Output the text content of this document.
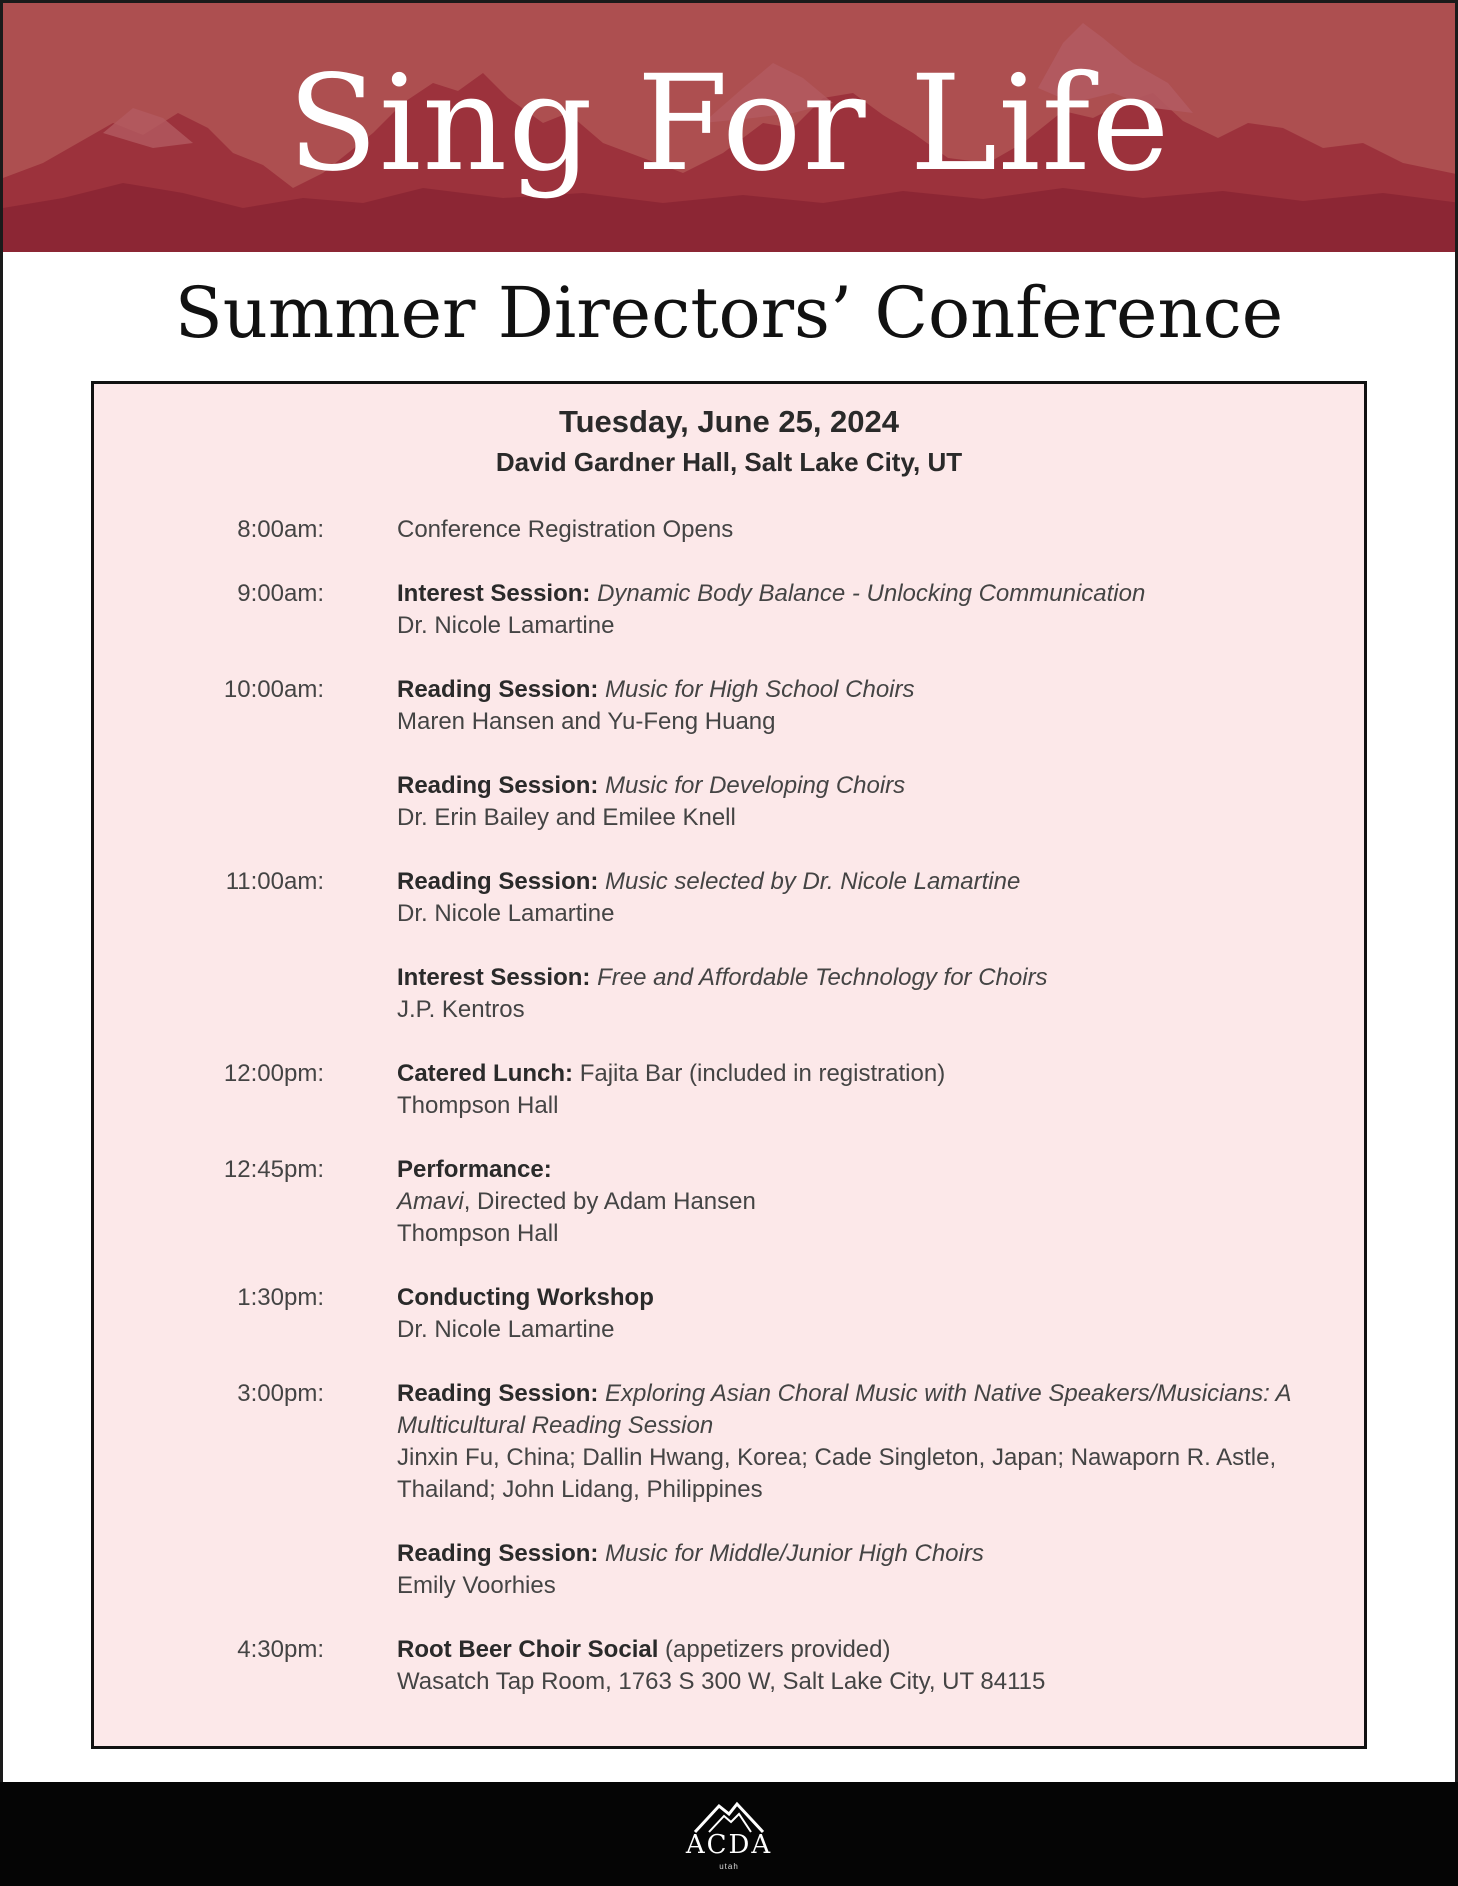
Sing For Life
Summer Directors’ Conference
Tuesday, June 25, 2024
David Gardner Hall, Salt Lake City, UT
8:00am:	Conference Registration Opens
9:00am:	Interest Session: Dynamic Body Balance - Unlocking Communication
Dr. Nicole Lamartine
10:00am:	Reading Session: Music for High School Choirs
Maren Hansen and Yu-Feng Huang
Reading Session: Music for Developing Choirs
Dr. Erin Bailey and Emilee Knell
11:00am:	Reading Session: Music selected by Dr. Nicole Lamartine
Dr. Nicole Lamartine
Interest Session: Free and Affordable Technology for Choirs
J.P. Kentros
12:00pm:	Catered Lunch: Fajita Bar (included in registration)
Thompson Hall
12:45pm:	Performance:
Amavi, Directed by Adam Hansen
Thompson Hall
1:30pm:	Conducting Workshop
Dr. Nicole Lamartine
3:00pm:	Reading Session: Exploring Asian Choral Music with Native Speakers/Musicians: A
Multicultural Reading Session
Jinxin Fu, China; Dallin Hwang, Korea; Cade Singleton, Japan; Nawaporn R. Astle,
Thailand; John Lidang, Philippines
Reading Session: Music for Middle/Junior High Choirs
Emily Voorhies
4:30pm:	Root Beer Choir Social (appetizers provided)
Wasatch Tap Room, 1763 S 300 W, Salt Lake City, UT 84115
ACDA
utah
